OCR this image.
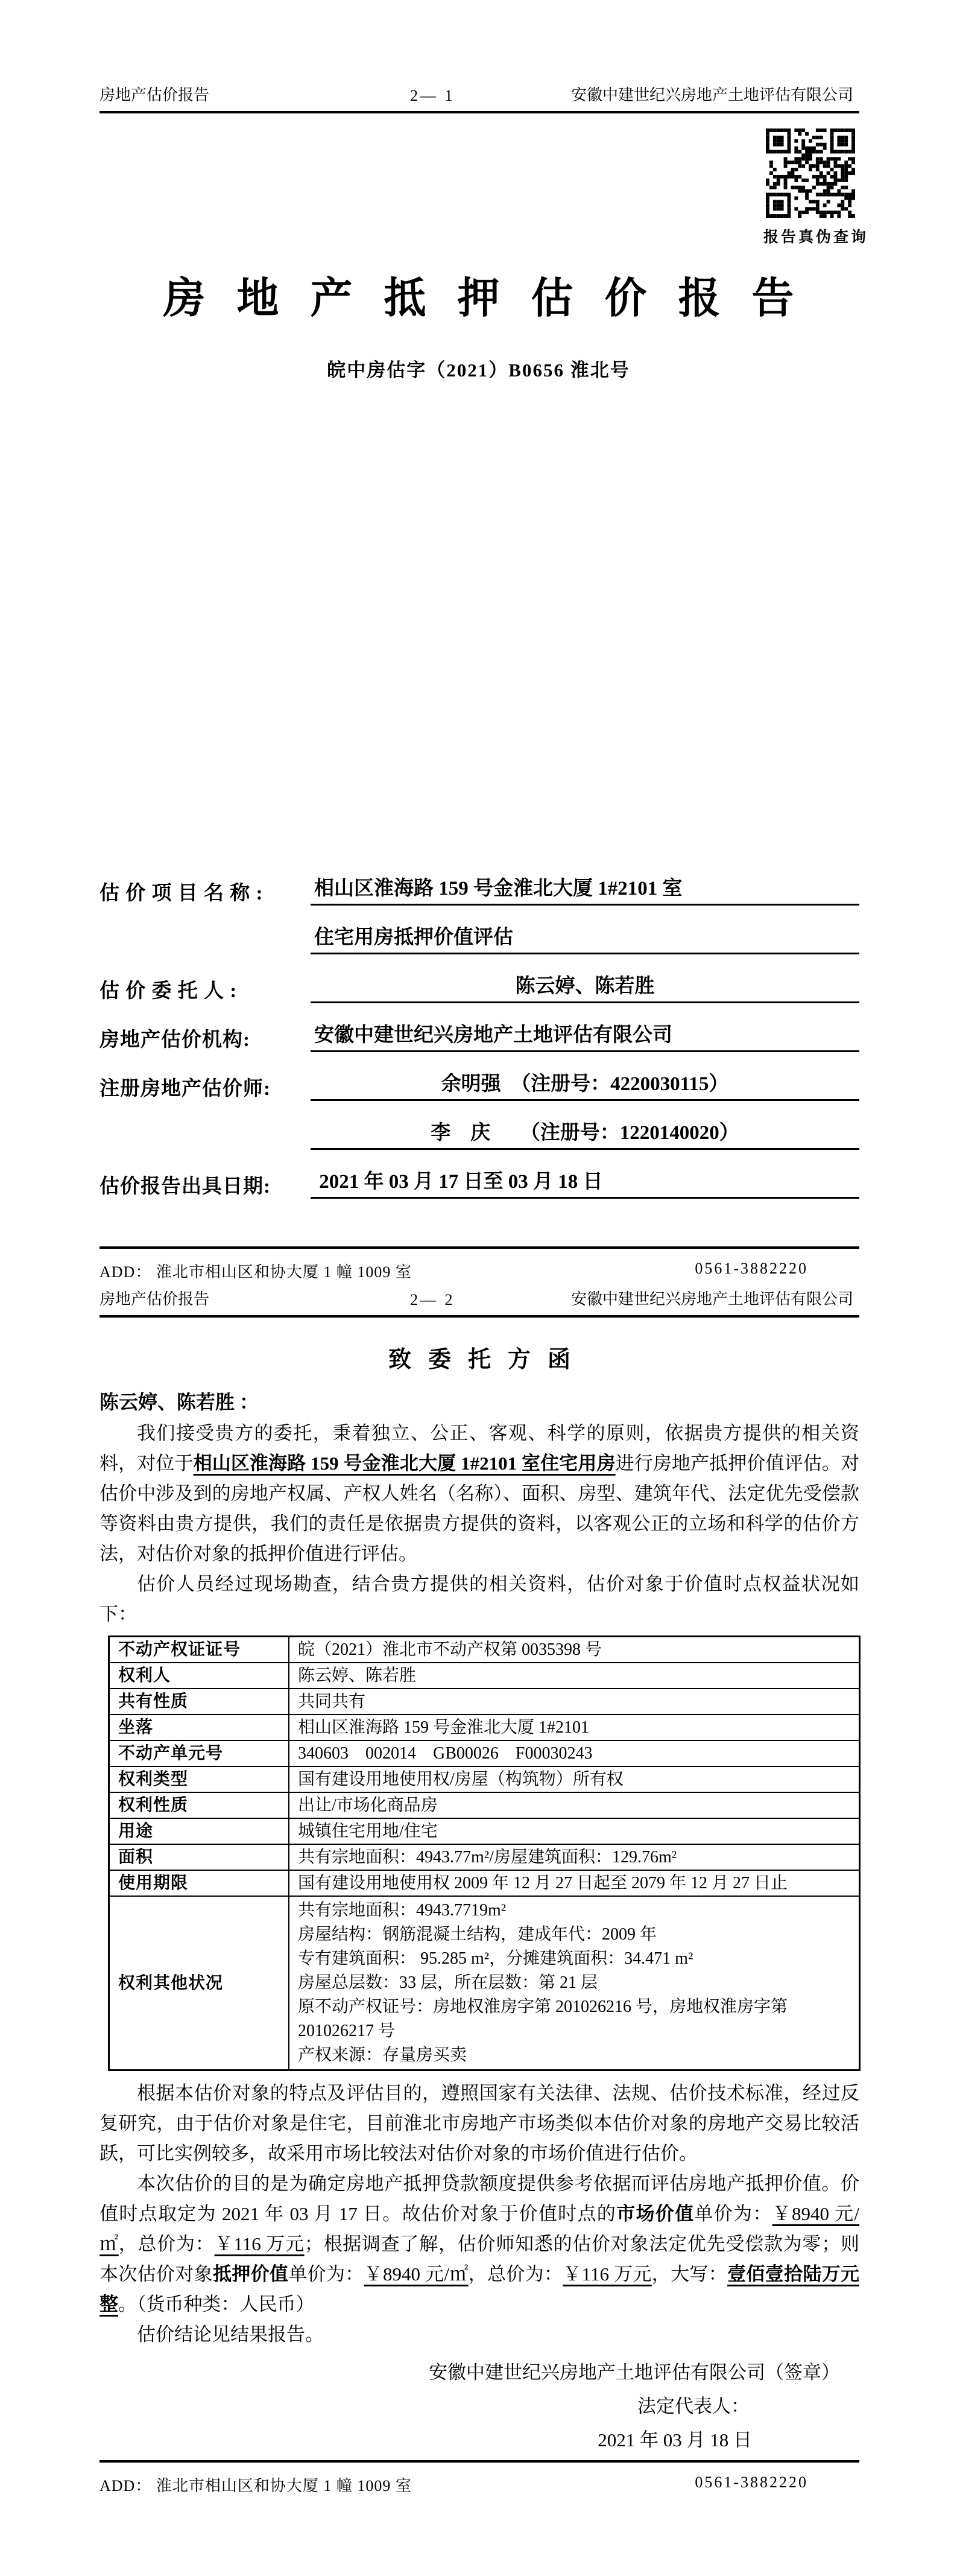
房地产估价报告	2— 1	安徽中建世纪兴房地产土地评估有限公司
报告真伪查询
房地产抵押估价报告
皖中房估字（2021）B0656 淮北号
估 价 项 目 名 称 :	相山区淮海路 159 号金淮北大厦 1#2101 室
住宅用房抵押价值评估
估 价 委 托 人 :	陈云婷、陈若胜
房地产估价机构:	安徽中建世纪兴房地产土地评估有限公司
注册房地产估价师:	余明强　（注册号：4220030115）
李　庆　　（注册号：1220140020）
估价报告出具日期:	2021 年 03 月 17 日至 03 月 18 日
ADD： 淮北市相山区和协大厦 1 幢 1009 室	0561-3882220
房地产估价报告	2— 2	安徽中建世纪兴房地产土地评估有限公司
致委托方函
陈云婷、陈若胜 ：

我们接受贵方的委托，秉着独立、公正、客观、科学的原则，依据贵方提供的相关资料，对位于相山区淮海路 159 号金淮北大厦 1#2101 室住宅用房进行房地产抵押价值评估。对估价中涉及到的房地产权属、产权人姓名（名称）、面积、房型、建筑年代、法定优先受偿款等资料由贵方提供，我们的责任是依据贵方提供的资料，以客观公正的立场和科学的估价方法，对估价对象的抵押价值进行评估。

估价人员经过现场勘查，结合贵方提供的相关资料，估价对象于价值时点权益状况如下：

不动产权证证号	皖（2021）淮北市不动产权第 0035398 号
权利人	陈云婷、陈若胜
共有性质	共同共有
坐落	相山区淮海路 159 号金淮北大厦 1#2101
不动产单元号	340603　002014　GB00026　F00030243
权利类型	国有建设用地使用权/房屋（构筑物）所有权
权利性质	出让/市场化商品房
用途	城镇住宅用地/住宅
面积	共有宗地面积：4943.77m²/房屋建筑面积：129.76m²
使用期限	国有建设用地使用权 2009 年 12 月 27 日起至 2079 年 12 月 27 日止
权利其他状况	
共有宗地面积：4943.7719m²
房屋结构：钢筋混凝土结构，建成年代：2009 年
专有建筑面积： 95.285 m²，分摊建筑面积：34.471 m²
房屋总层数：33 层，所在层数：第 21 层
原不动产权证号：房地权淮房字第 201026216 号，房地权淮房字第 201026217 号
产权来源：存量房买卖

根据本估价对象的特点及评估目的，遵照国家有关法律、法规、估价技术标准，经过反复研究，由于估价对象是住宅，目前淮北市房地产市场类似本估价对象的房地产交易比较活跃，可比实例较多，故采用市场比较法对估价对象的市场价值进行估价。

本次估价的目的是为确定房地产抵押贷款额度提供参考依据而评估房地产抵押价值。价值时点取定为 2021 年 03 月 17 日。故估价对象于价值时点的市场价值单价为：￥8940 元/㎡，总价为：￥116 万元；根据调查了解，估价师知悉的估价对象法定优先受偿款为零；则本次估价对象抵押价值单价为：￥8940 元/㎡，总价为：￥116 万元，大写：壹佰壹拾陆万元整。（货币种类：人民币）

估价结论见结果报告。

安徽中建世纪兴房地产土地评估有限公司（签章）
法定代表人：
2021 年 03 月 18 日
ADD： 淮北市相山区和协大厦 1 幢 1009 室	0561-3882220
